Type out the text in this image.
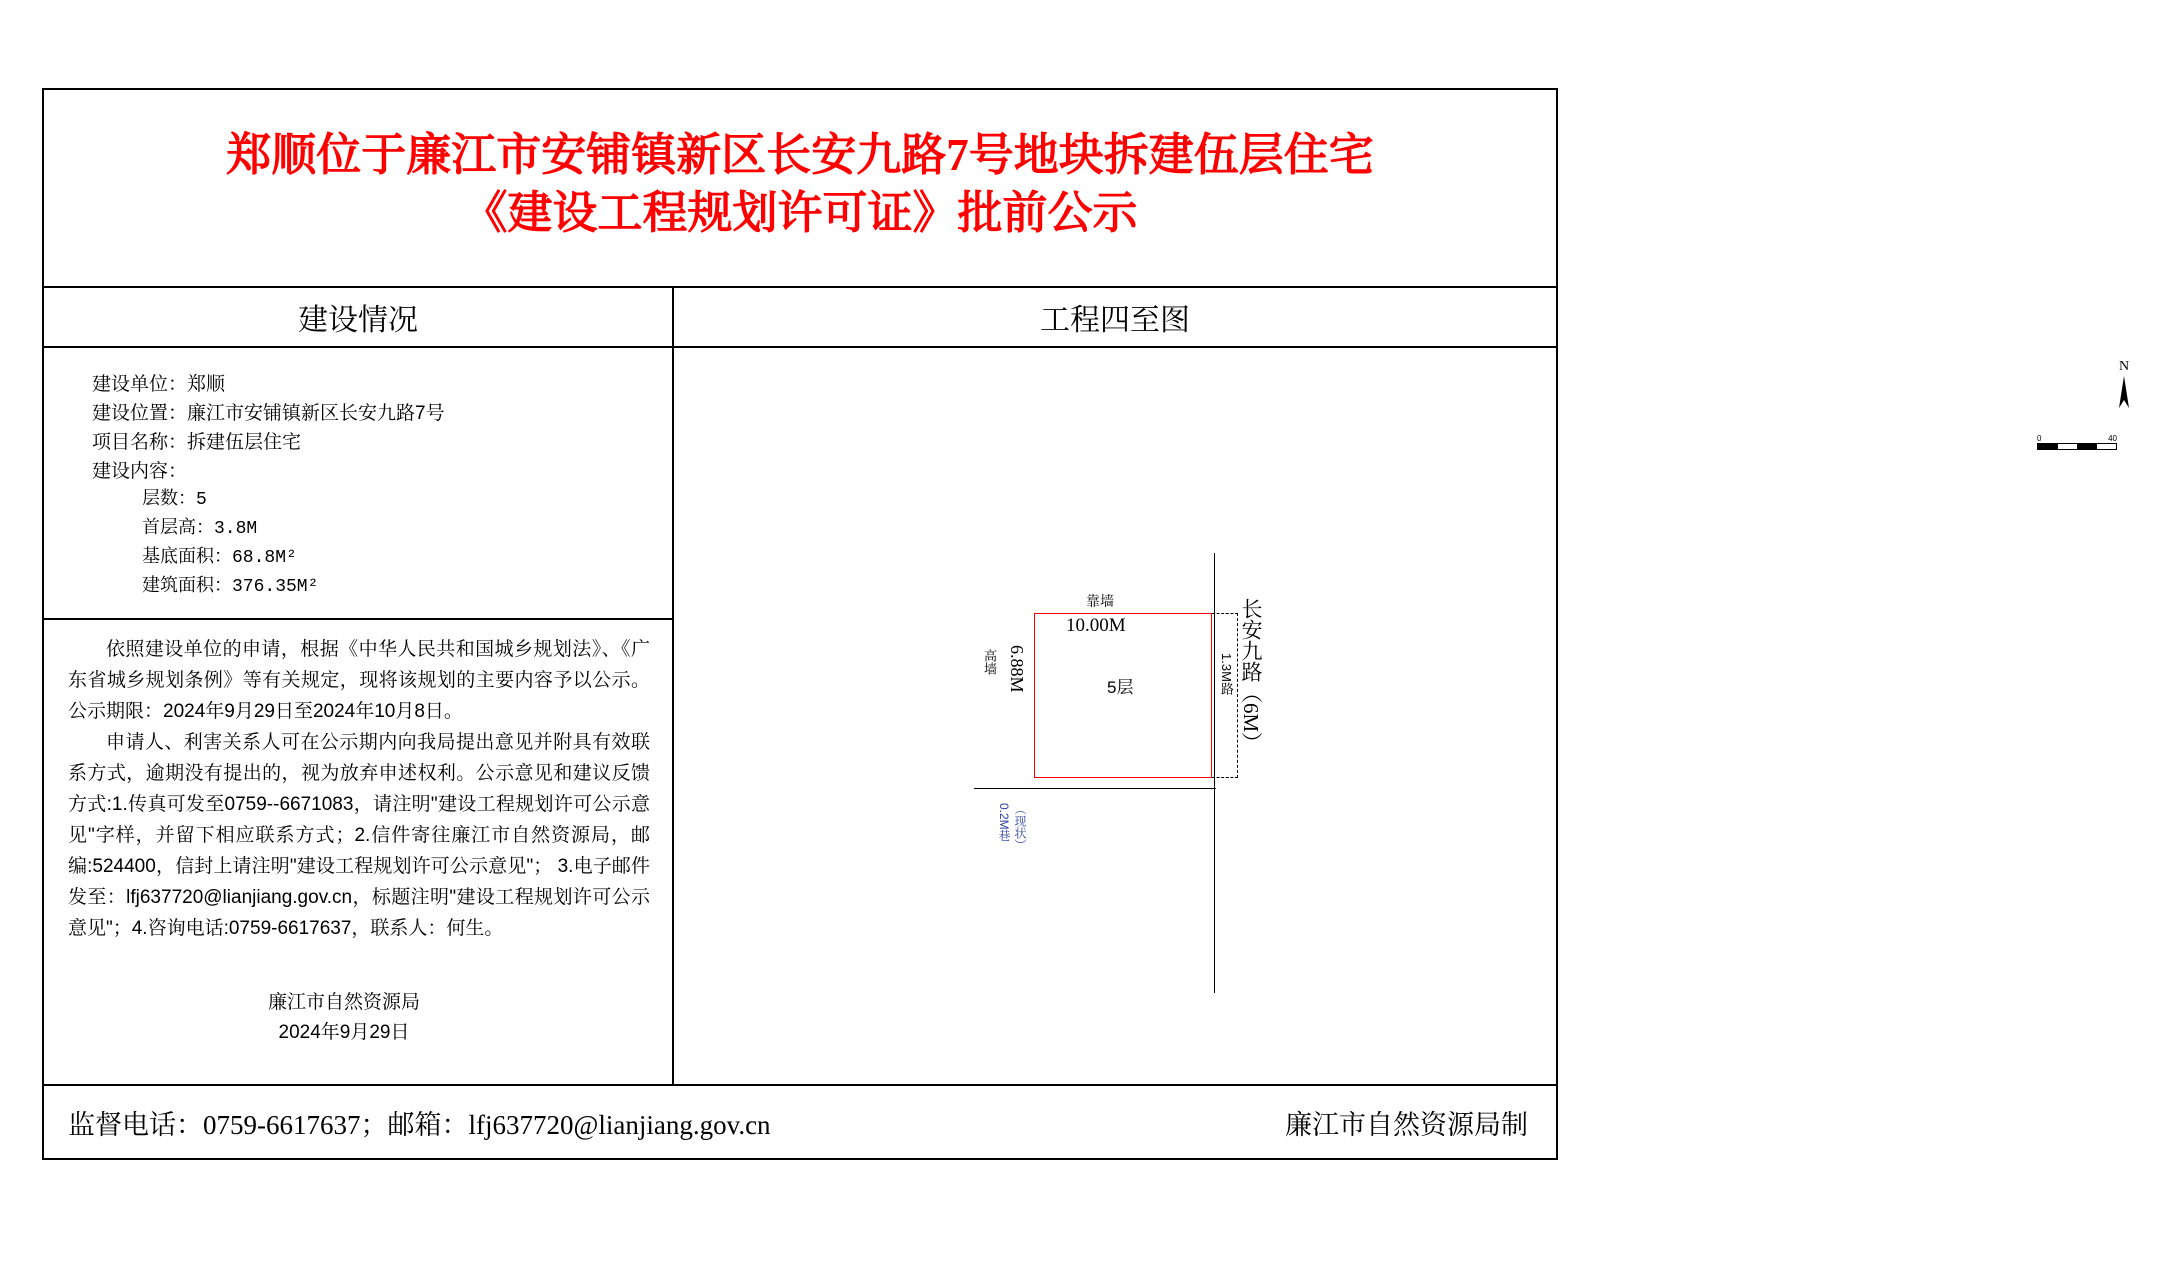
郑顺位于廉江市安铺镇新区长安九路7号地块拆建伍层住宅
《建设工程规划许可证》批前公示
建设情况	工程四至图
建设单位：郑顺
建设位置：廉江市安铺镇新区长安九路7号
项目名称：拆建伍层住宅
建设内容：
层数：5
首层高：3.8M
基底面积：68.8M²
建筑面积：376.35M²

依照建设单位的申请，根据《中华人民共和国城乡规划法》、《广东省城乡规划条例》等有关规定，现将该规划的主要内容予以公示。公示期限：2024年9月29日至2024年10月8日。

申请人、利害关系人可在公示期内向我局提出意见并附具有效联系方式，逾期没有提出的，视为放弃申述权利。公示意见和建议反馈方式:1.传真可发至0759--6671083，请注明"建设工程规划许可公示意见"字样，并留下相应联系方式；2.信件寄往廉江市自然资源局，邮编:524400，信封上请注明"建设工程规划许可公示意见"； 3.电子邮件发至：lfj637720@lianjiang.gov.cn，标题注明"建设工程规划许可公示意见"；4.咨询电话:0759-6617637，联系人：何生。

廉江市自然资源局
2024年9月29日
N
0	40
靠墙
10.00M
5层
高墙 6.88M	1.3M路 长安九路（6M）
0.2M巷 （现状）
监督电话：0759-6617637；邮箱：lfj637720@lianjiang.gov.cn	廉江市自然资源局制
